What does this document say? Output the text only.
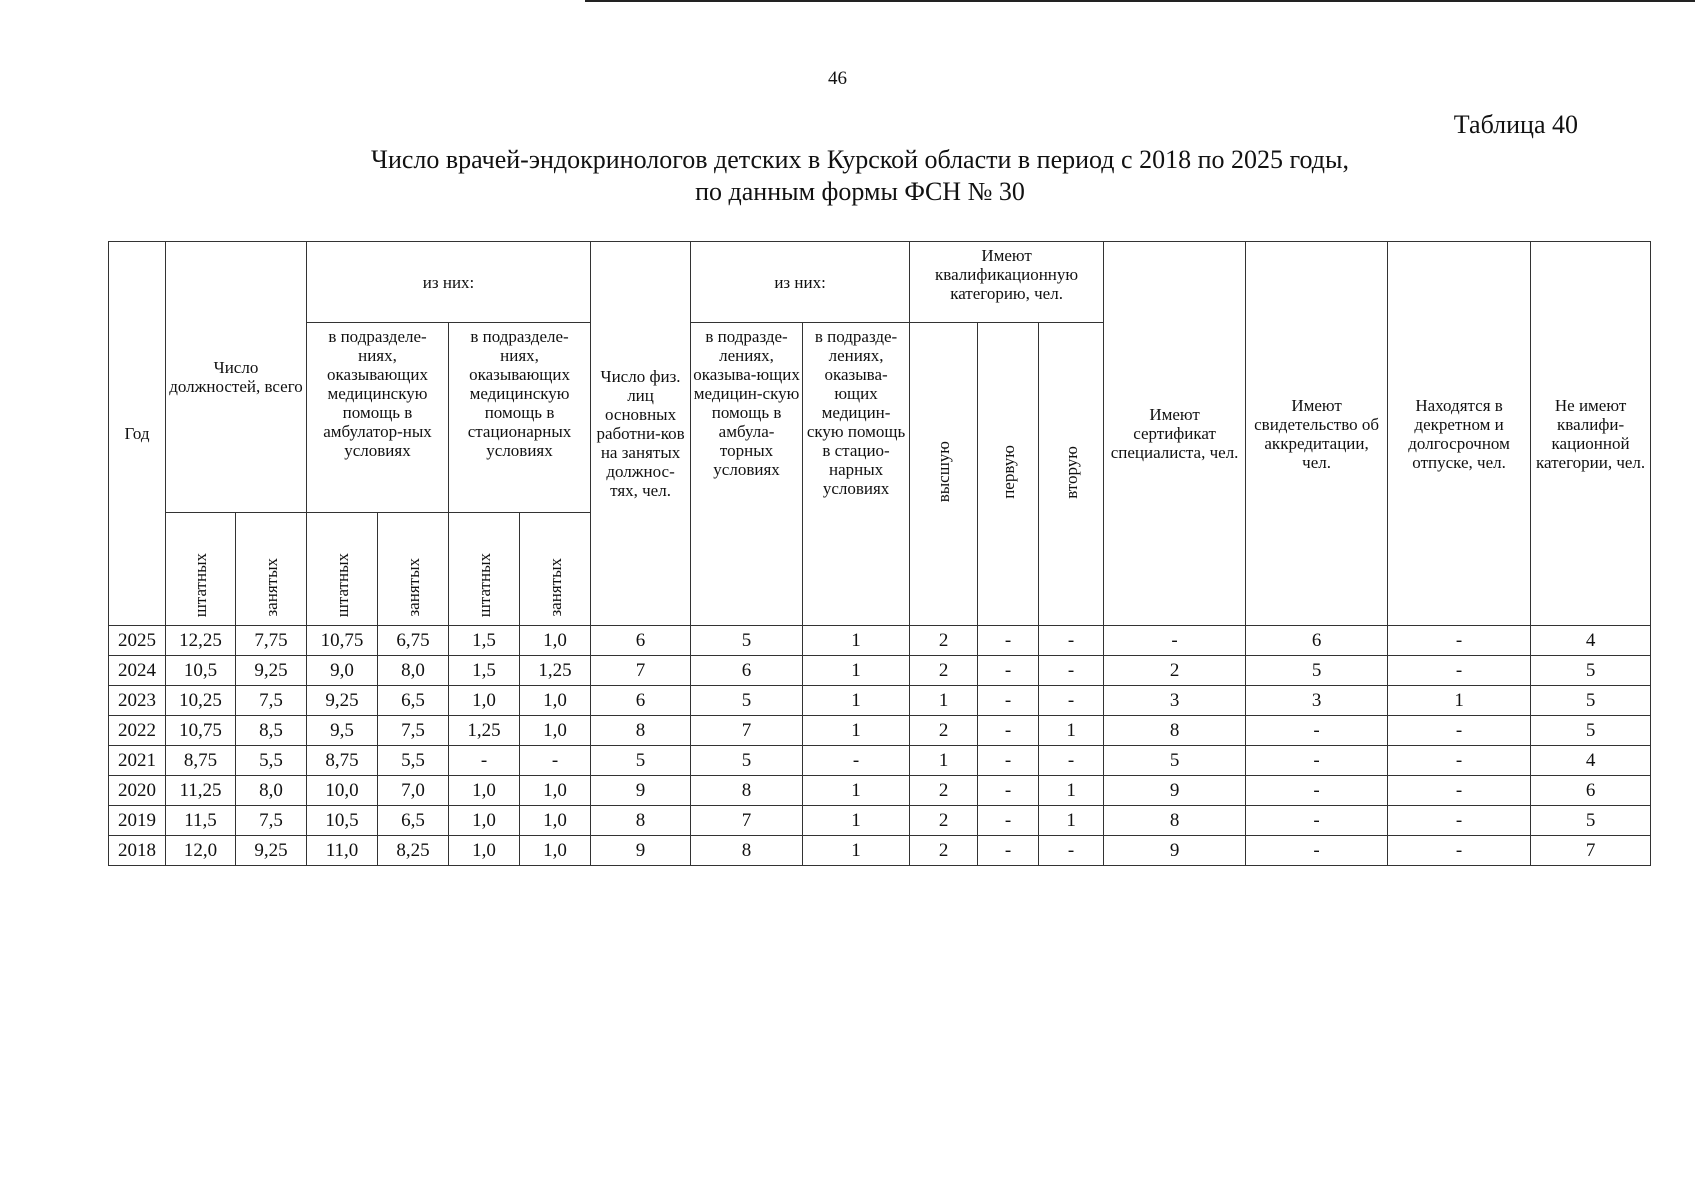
46
Таблица 40
Число врачей-эндокринологов детских в Курской области в период с 2018 по 2025 годы,
по данным формы ФСН № 30
Год	Число должностей, всего		из них:				Число физ. лиц основных работни-ков на занятых должнос-тях, чел.	из них:		Имеют квалификационную категорию, чел.			Имеют сертификат специалиста, чел.	Имеют свидетельство об аккредитации, чел.	Находятся в декретном и долгосрочном отпуске, чел.	Не имеют квалифи-кационной категории, чел.
			в подразделе-ниях, оказывающих медицинскую помощь в амбулатор-ных условиях		в подразделе-ниях, оказывающих медицинскую помощь в стационарных условиях			в подразде-лениях, оказыва-ющих медицин-скую помощь в амбула-торных условиях	в подразде-лениях, оказыва-ющих медицин-скую помощь в стацио-нарных условиях	высшую	первую	вторую				
	штатных	занятых	штатных	занятых	штатных	занятых										
2025	12,25	7,75	10,75	6,75	1,5	1,0	6	5	1	2	-	-	-	6	-	4
2024	10,5	9,25	9,0	8,0	1,5	1,25	7	6	1	2	-	-	2	5	-	5
2023	10,25	7,5	9,25	6,5	1,0	1,0	6	5	1	1	-	-	3	3	1	5
2022	10,75	8,5	9,5	7,5	1,25	1,0	8	7	1	2	-	1	8	-	-	5
2021	8,75	5,5	8,75	5,5	-	-	5	5	-	1	-	-	5	-	-	4
2020	11,25	8,0	10,0	7,0	1,0	1,0	9	8	1	2	-	1	9	-	-	6
2019	11,5	7,5	10,5	6,5	1,0	1,0	8	7	1	2	-	1	8	-	-	5
2018	12,0	9,25	11,0	8,25	1,0	1,0	9	8	1	2	-	-	9	-	-	7
